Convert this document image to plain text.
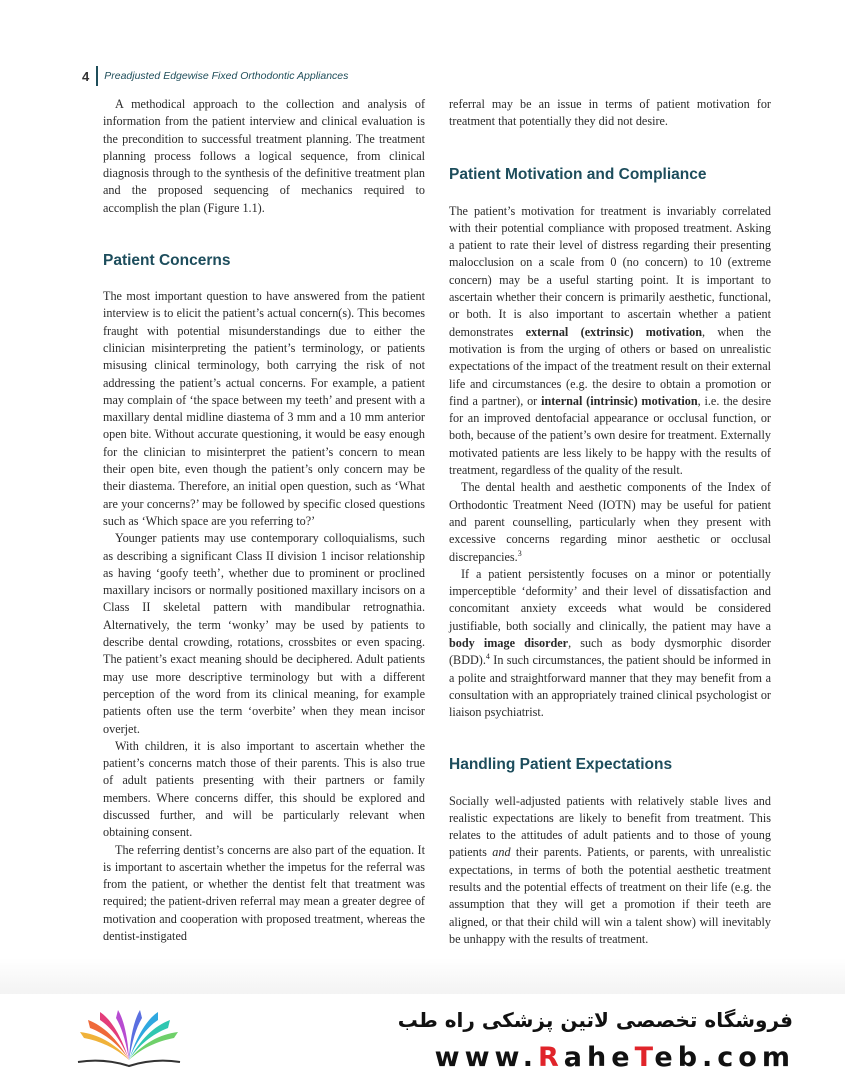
4 Preadjusted Edgewise Fixed Orthodontic Appliances

A methodical approach to the collection and analysis of information from the patient interview and clinical evaluation is the precondition to successful treatment planning. The treatment planning process follows a logical sequence, from clinical diagnosis through to the synthesis of the definitive treatment plan and the proposed sequencing of mechanics required to accomplish the plan (Figure 1.1).

Patient Concerns

The most important question to have answered from the patient interview is to elicit the patient’s actual concern(s). This becomes fraught with potential misunderstandings due to either the clinician misinterpreting the patient’s terminology, or patients misusing clinical terminology, both carrying the risk of not addressing the patient’s actual concerns. For example, a patient may complain of ‘the space between my teeth’ and present with a maxillary dental midline diastema of 3 mm and a 10 mm anterior open bite. Without accurate questioning, it would be easy enough for the clinician to misinterpret the patient’s concern to mean their open bite, even though the patient’s only concern may be their diastema. Therefore, an initial open question, such as ‘What are your concerns?’ may be followed by specific closed questions such as ‘Which space are you referring to?’

Younger patients may use contemporary colloquialisms, such as describing a significant Class II division 1 incisor relationship as having ‘goofy teeth’, whether due to prominent or proclined maxillary incisors or normally positioned maxillary incisors on a Class II skeletal pattern with mandibular retrognathia. Alternatively, the term ‘wonky’ may be used by patients to describe dental crowding, rotations, crossbites or even spacing. The patient’s exact meaning should be deciphered. Adult patients may use more descriptive terminology but with a different perception of the word from its clinical meaning, for example patients often use the term ‘overbite’ when they mean incisor overjet.

With children, it is also important to ascertain whether the patient’s concerns match those of their parents. This is also true of adult patients presenting with their partners or family members. Where concerns differ, this should be explored and discussed further, and will be particularly relevant when obtaining consent.

The referring dentist’s concerns are also part of the equation. It is important to ascertain whether the impetus for the referral was from the patient, or whether the dentist felt that treatment was required; the patient-driven referral may mean a greater degree of motivation and cooperation with proposed treatment, whereas the dentist-instigated

referral may be an issue in terms of patient motivation for treatment that potentially they did not desire.

Patient Motivation and Compliance

The patient’s motivation for treatment is invariably correlated with their potential compliance with proposed treatment. Asking a patient to rate their level of distress regarding their presenting malocclusion on a scale from 0 (no concern) to 10 (extreme concern) may be a useful starting point. It is important to ascertain whether their concern is primarily aesthetic, functional, or both. It is also important to ascertain whether a patient demonstrates external (extrinsic) motivation, when the motivation is from the urging of others or based on unrealistic expectations of the impact of the treatment result on their external life and circumstances (e.g. the desire to obtain a promotion or find a partner), or internal (intrinsic) motivation, i.e. the desire for an improved dentofacial appearance or occlusal function, or both, because of the patient’s own desire for treatment. Externally motivated patients are less likely to be happy with the results of treatment, regardless of the quality of the result.

The dental health and aesthetic components of the Index of Orthodontic Treatment Need (IOTN) may be useful for patient and parent counselling, particularly when they present with excessive concerns regarding minor aesthetic or occlusal discrepancies.$^3$

If a patient persistently focuses on a minor or potentially imperceptible ‘deformity’ and their level of dissatisfaction and concomitant anxiety exceeds what would be considered justifiable, both socially and clinically, the patient may have a body image disorder, such as body dysmorphic disorder (BDD).$^4$ In such circumstances, the patient should be informed in a polite and straightforward manner that they may benefit from a consultation with an appropriately trained clinical psychologist or liaison psychiatrist.

Handling Patient Expectations

Socially well-adjusted patients with relatively stable lives and realistic expectations are likely to benefit from treatment. This relates to the attitudes of adult patients and to those of young patients and their parents. Patients, or parents, with unrealistic expectations, in terms of both the potential aesthetic treatment results and the potential effects of treatment on their life (e.g. the assumption that they will get a promotion if their teeth are aligned, or that their child will win a talent show) will inevitably be unhappy with the results of treatment.

فروشگاه تخصصی لاتین پزشکی راه طب
www.RaheTeb.com
